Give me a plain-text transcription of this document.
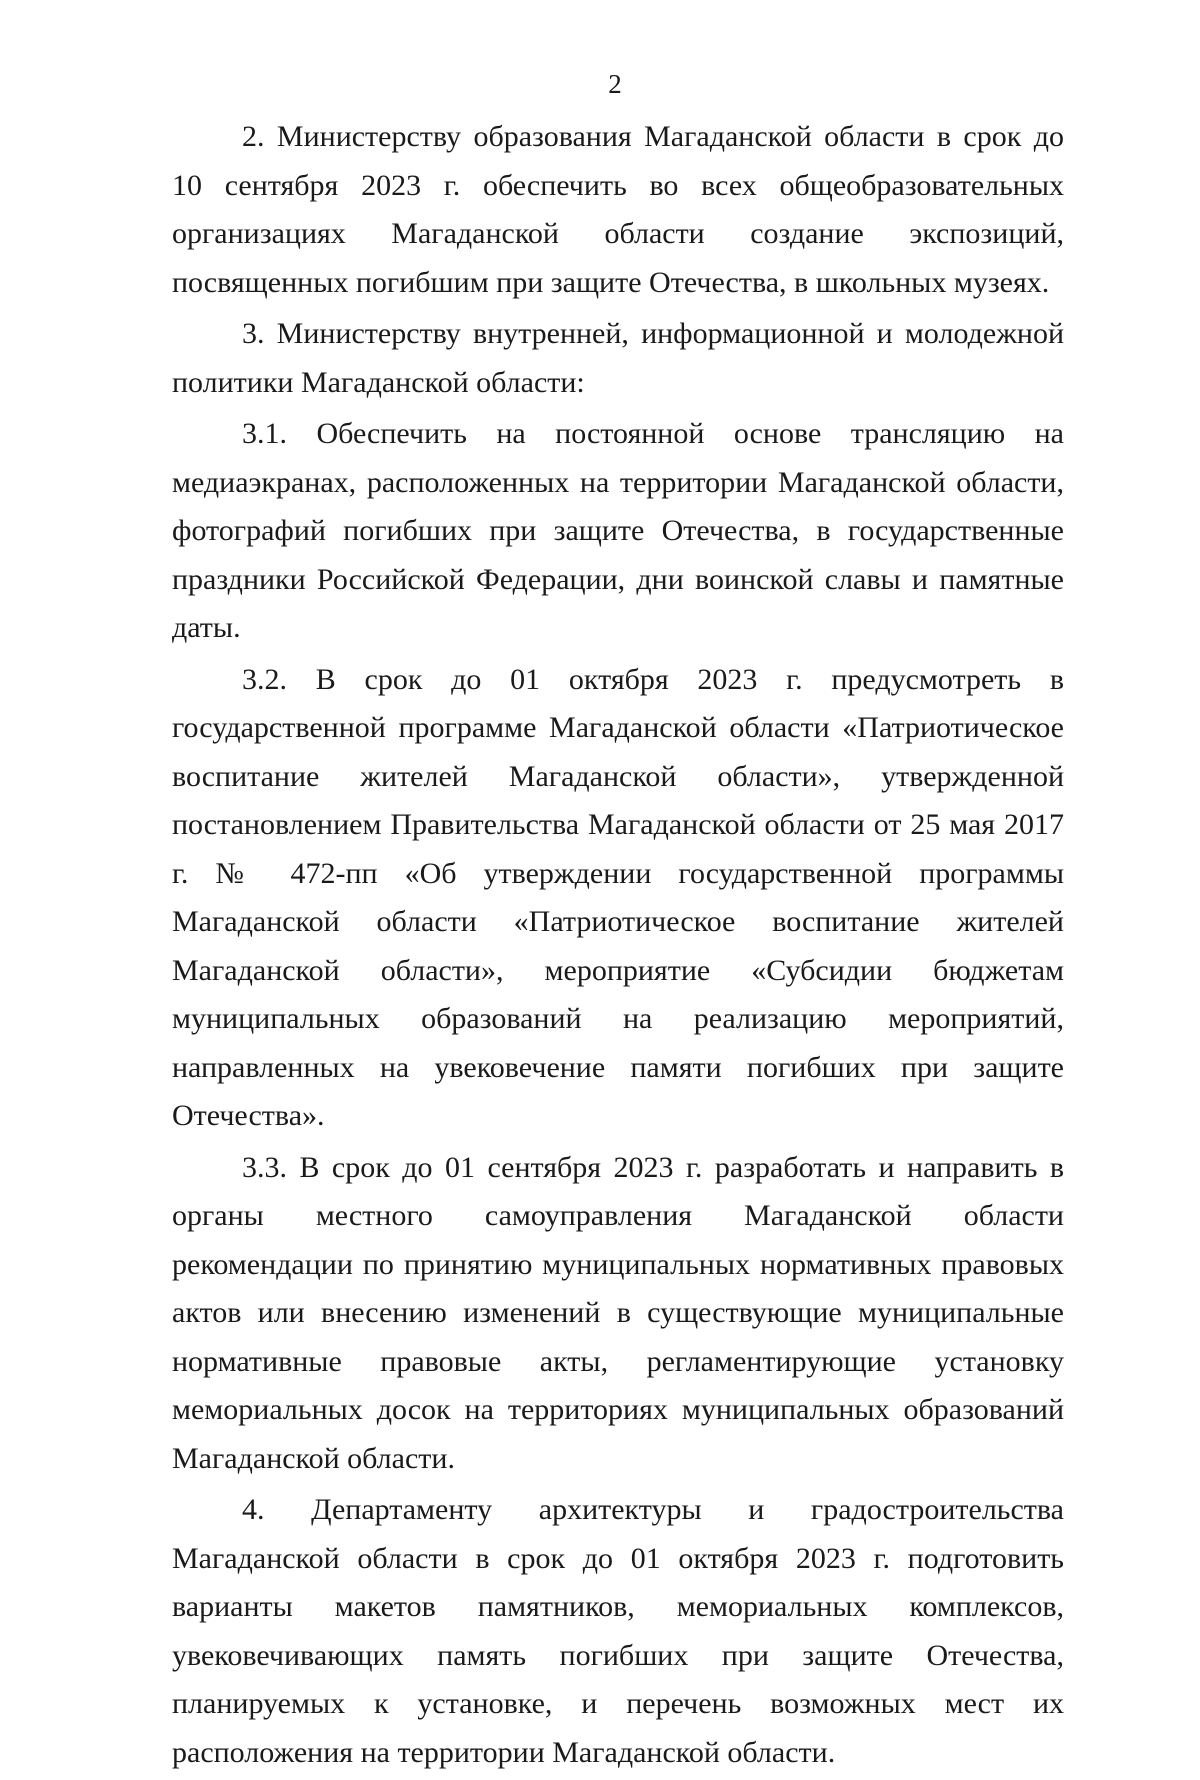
2

2. Министерству образования Магаданской области в срок до 10 сентября 2023 г. обеспечить во всех общеобразовательных организациях Магаданской области создание экспозиций, посвященных погибшим при защите Отечества, в школьных музеях.

3. Министерству внутренней, информационной и молодежной политики Магаданской области:

3.1. Обеспечить на постоянной основе трансляцию на медиаэкранах, расположенных на территории Магаданской области, фотографий погибших при защите Отечества, в государственные праздники Российской Федерации, дни воинской славы и памятные даты.

3.2. В срок до 01 октября 2023 г. предусмотреть в государственной программе Магаданской области «Патриотическое воспитание жителей Магаданской области», утвержденной постановлением Правительства Магаданской области от 25 мая 2017 г. № 472-пп «Об утверждении государственной программы Магаданской области «Патриотическое воспитание жителей Магаданской области», мероприятие «Субсидии бюджетам муниципальных образований на реализацию мероприятий, направленных на увековечение памяти погибших при защите Отечества».

3.3. В срок до 01 сентября 2023 г. разработать и направить в органы местного самоуправления Магаданской области рекомендации по принятию муниципальных нормативных правовых актов или внесению изменений в существующие муниципальные нормативные правовые акты, регламентирующие установку мемориальных досок на территориях муниципальных образований Магаданской области.

4. Департаменту архитектуры и градостроительства Магаданской области в срок до 01 октября 2023 г. подготовить варианты макетов памятников, мемориальных комплексов, увековечивающих память погибших при защите Отечества, планируемых к установке, и перечень возможных мест их расположения на территории Магаданской области.
